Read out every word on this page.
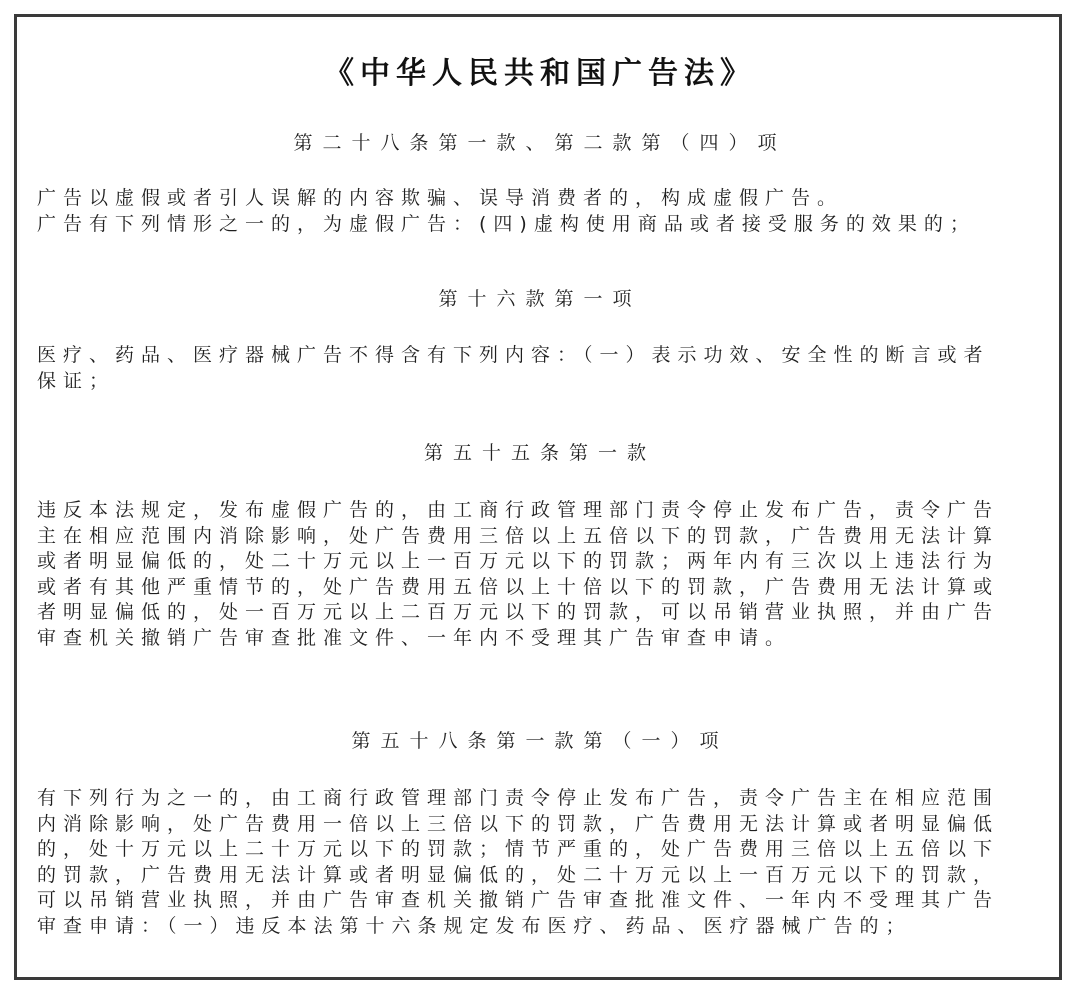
《中华人民共和国广告法》
第二十八条第一款、第二款第（四）项
广告以虚假或者引人误解的内容欺骗、误导消费者的，构成虚假广告。
广告有下列情形之一的，为虚假广告：(四)虚构使用商品或者接受服务的效果的；
第十六款第一项
医疗、药品、医疗器械广告不得含有下列内容：（一）表示功效、安全性的断言或者
保证；
第五十五条第一款
违反本法规定，发布虚假广告的，由工商行政管理部门责令停止发布广告，责令广告
主在相应范围内消除影响，处广告费用三倍以上五倍以下的罚款，广告费用无法计算
或者明显偏低的，处二十万元以上一百万元以下的罚款；两年内有三次以上违法行为
或者有其他严重情节的，处广告费用五倍以上十倍以下的罚款，广告费用无法计算或
者明显偏低的，处一百万元以上二百万元以下的罚款，可以吊销营业执照，并由广告
审查机关撤销广告审查批准文件、一年内不受理其广告审查申请。
第五十八条第一款第（一）项
有下列行为之一的，由工商行政管理部门责令停止发布广告，责令广告主在相应范围
内消除影响，处广告费用一倍以上三倍以下的罚款，广告费用无法计算或者明显偏低
的，处十万元以上二十万元以下的罚款；情节严重的，处广告费用三倍以上五倍以下
的罚款，广告费用无法计算或者明显偏低的，处二十万元以上一百万元以下的罚款，
可以吊销营业执照，并由广告审查机关撤销广告审查批准文件、一年内不受理其广告
审查申请：（一）违反本法第十六条规定发布医疗、药品、医疗器械广告的；
